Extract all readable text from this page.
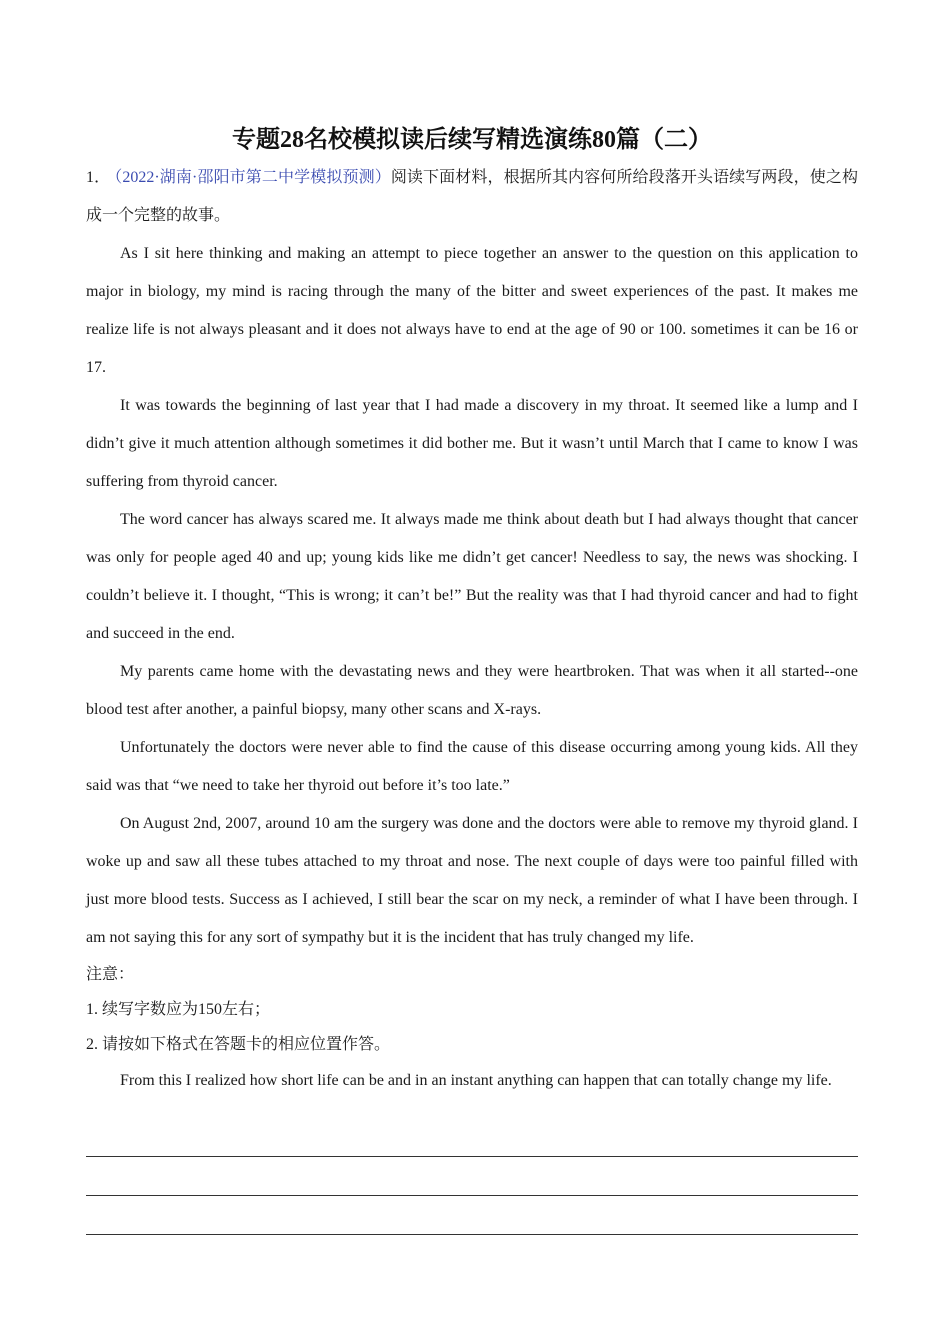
专题28名校模拟读后续写精选演练80篇（二）

1． （2022·湖南·邵阳市第二中学模拟预测）阅读下面材料，根据所其内容何所给段落开头语续写两段，使之构成一个完整的故事。

As I sit here thinking and making an attempt to piece together an answer to the question on this application to major in biology, my mind is racing through the many of the bitter and sweet experiences of the past. It makes me realize life is not always pleasant and it does not always have to end at the age of 90 or 100. sometimes it can be 16 or 17.

It was towards the beginning of last year that I had made a discovery in my throat. It seemed like a lump and I didn’t give it much attention although sometimes it did bother me. But it wasn’t until March that I came to know I was suffering from thyroid cancer.

The word cancer has always scared me. It always made me think about death but I had always thought that cancer was only for people aged 40 and up; young kids like me didn’t get cancer! Needless to say, the news was shocking. I couldn’t believe it. I thought, “This is wrong; it can’t be!” But the reality was that I had thyroid cancer and had to fight and succeed in the end.

My parents came home with the devastating news and they were heartbroken. That was when it all started--one blood test after another, a painful biopsy, many other scans and X-rays.

Unfortunately the doctors were never able to find the cause of this disease occurring among young kids. All they said was that “we need to take her thyroid out before it’s too late.”

On August 2nd, 2007, around 10 am the surgery was done and the doctors were able to remove my thyroid gland. I woke up and saw all these tubes attached to my throat and nose. The next couple of days were too painful filled with just more blood tests. Success as I achieved, I still bear the scar on my neck, a reminder of what I have been through. I am not saying this for any sort of sympathy but it is the incident that has truly changed my life.

注意：

1. 续写字数应为150左右；

2. 请按如下格式在答题卡的相应位置作答。

From this I realized how short life can be and in an instant anything can happen that can totally change my life.
